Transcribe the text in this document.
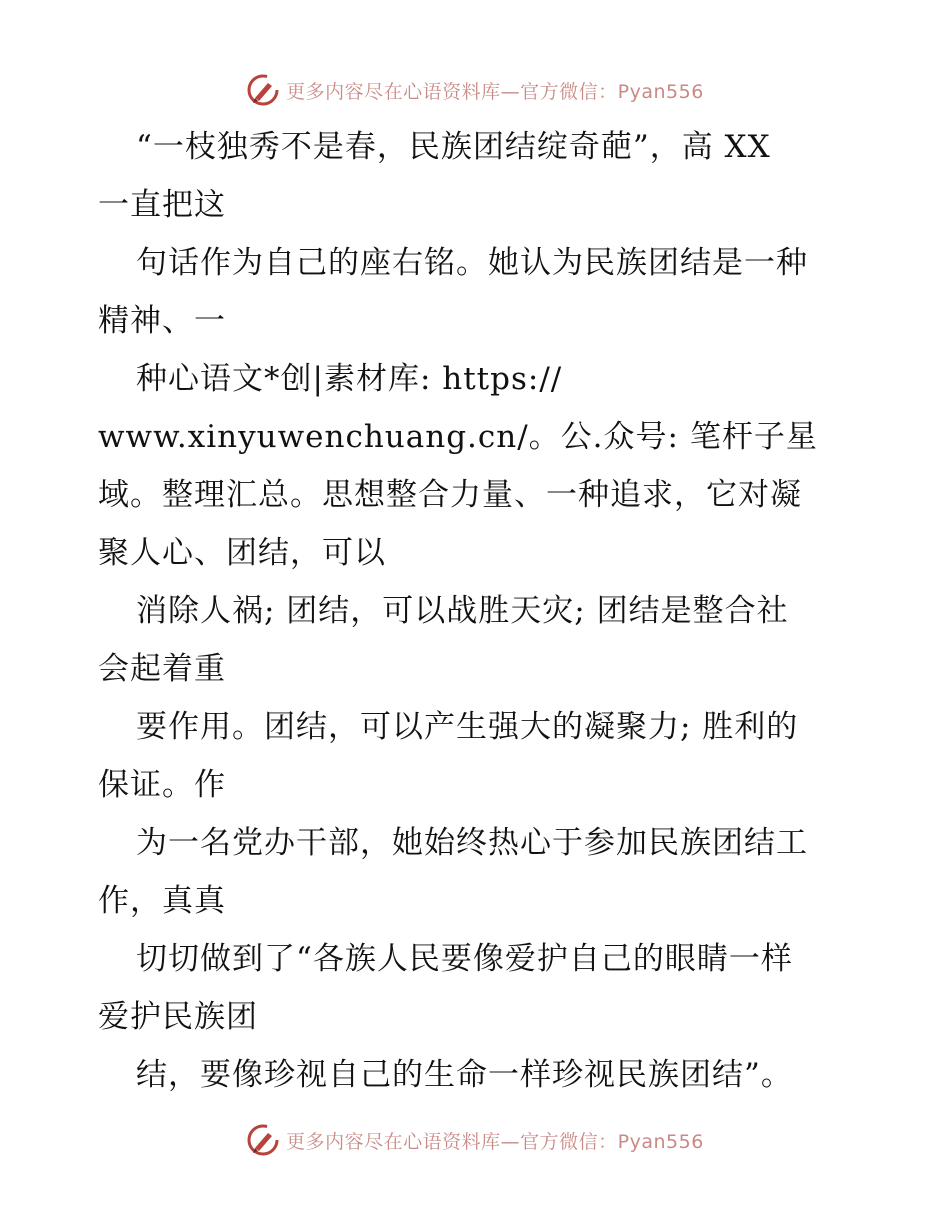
更多内容尽在心语资料库—官方微信：Pyan556
“一枝独秀不是春，民族团结绽奇葩”，高 XX
一直把这
句话作为自己的座右铭。她认为民族团结是一种
精神、一
种心语文*创|素材库: https://
www.xinyuwenchuang.cn/。公.众号: 笔杆子星
域。整理汇总。思想整合力量、一种追求，它对凝
聚人心、团结，可以
消除人祸; 团结，可以战胜天灾; 团结是整合社
会起着重
要作用。团结，可以产生强大的凝聚力; 胜利的
保证。作
为一名党办干部，她始终热心于参加民族团结工
作，真真
切切做到了“各族人民要像爱护自己的眼睛一样
爱护民族团
结，要像珍视自己的生命一样珍视民族团结”。
更多内容尽在心语资料库—官方微信：Pyan556
